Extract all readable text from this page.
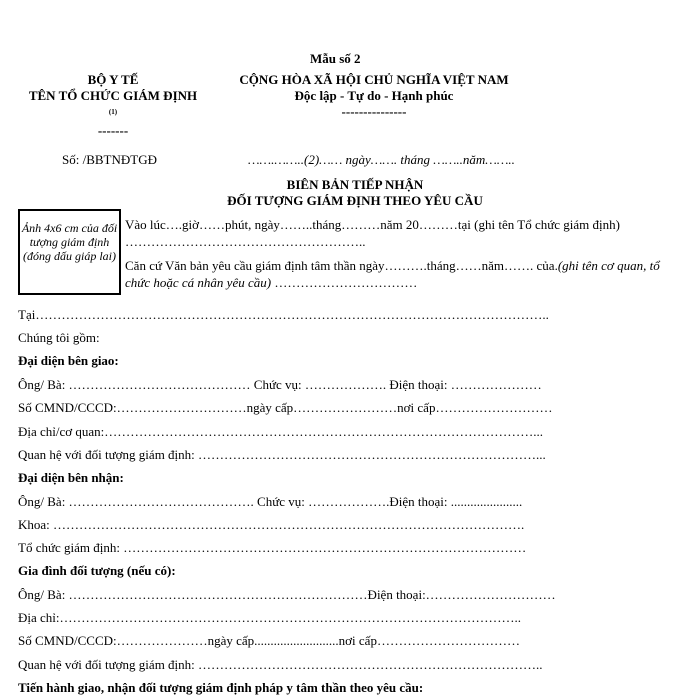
Mẫu số 2
BỘ Y TẾ
TÊN TỔ CHỨC GIÁM ĐỊNH $^{(1)}$
-------
CỘNG HÒA XÃ HỘI CHỦ NGHĨA VIỆT NAM
Độc lập - Tự do - Hạnh phúc
---------------
Số: /BBTNĐTGĐ	…….……..(2)…… ngày……. tháng ……..năm……..
BIÊN BẢN TIẾP NHẬN
ĐỐI TƯỢNG GIÁM ĐỊNH THEO YÊU CẦU
Ảnh 4x6 cm của đối tượng giám định (đóng dấu giáp lai)
Vào lúc….giờ……phút, ngày……..tháng………năm 20………tại (ghi tên Tổ chức giám định) ………………………………………………..
Căn cứ Văn bản yêu cầu giám định tâm thần ngày……….tháng……năm……. của.(ghi tên cơ quan, tổ chức hoặc cá nhân yêu cầu) ……………………………
Tại………………………………………………………………………………………………………..
Chúng tôi gồm:
Đại diện bên giao:
Ông/ Bà: …………………………………… Chức vụ: ………………. Điện thoại: …………………
Số CMND/CCCD:…………………………ngày cấp……………………nơi cấp………………………
Địa chỉ/cơ quan:………………………………………………………………………………………...
Quan hệ với đối tượng giám định: ……………………………………………………………………...
Đại diện bên nhận:
Ông/ Bà: ……………………………………. Chức vụ: ……………….Điện thoại: ......................
Khoa: ……………………………………………………………………………………………….
Tổ chức giám định: …………………………………………………………………………………
Gia đình đối tượng (nếu có):
Ông/ Bà: ……………………………………………………………Điện thoại:…………………………
Địa chỉ:……………………………………………………………………………………………..
Số CMND/CCCD:…………………ngày cấp..........................nơi cấp……………………………
Quan hệ với đối tượng giám định: ……………………………………………………………………..
Tiến hành giao, nhận đối tượng giám định pháp y tâm thần theo yêu cầu:
